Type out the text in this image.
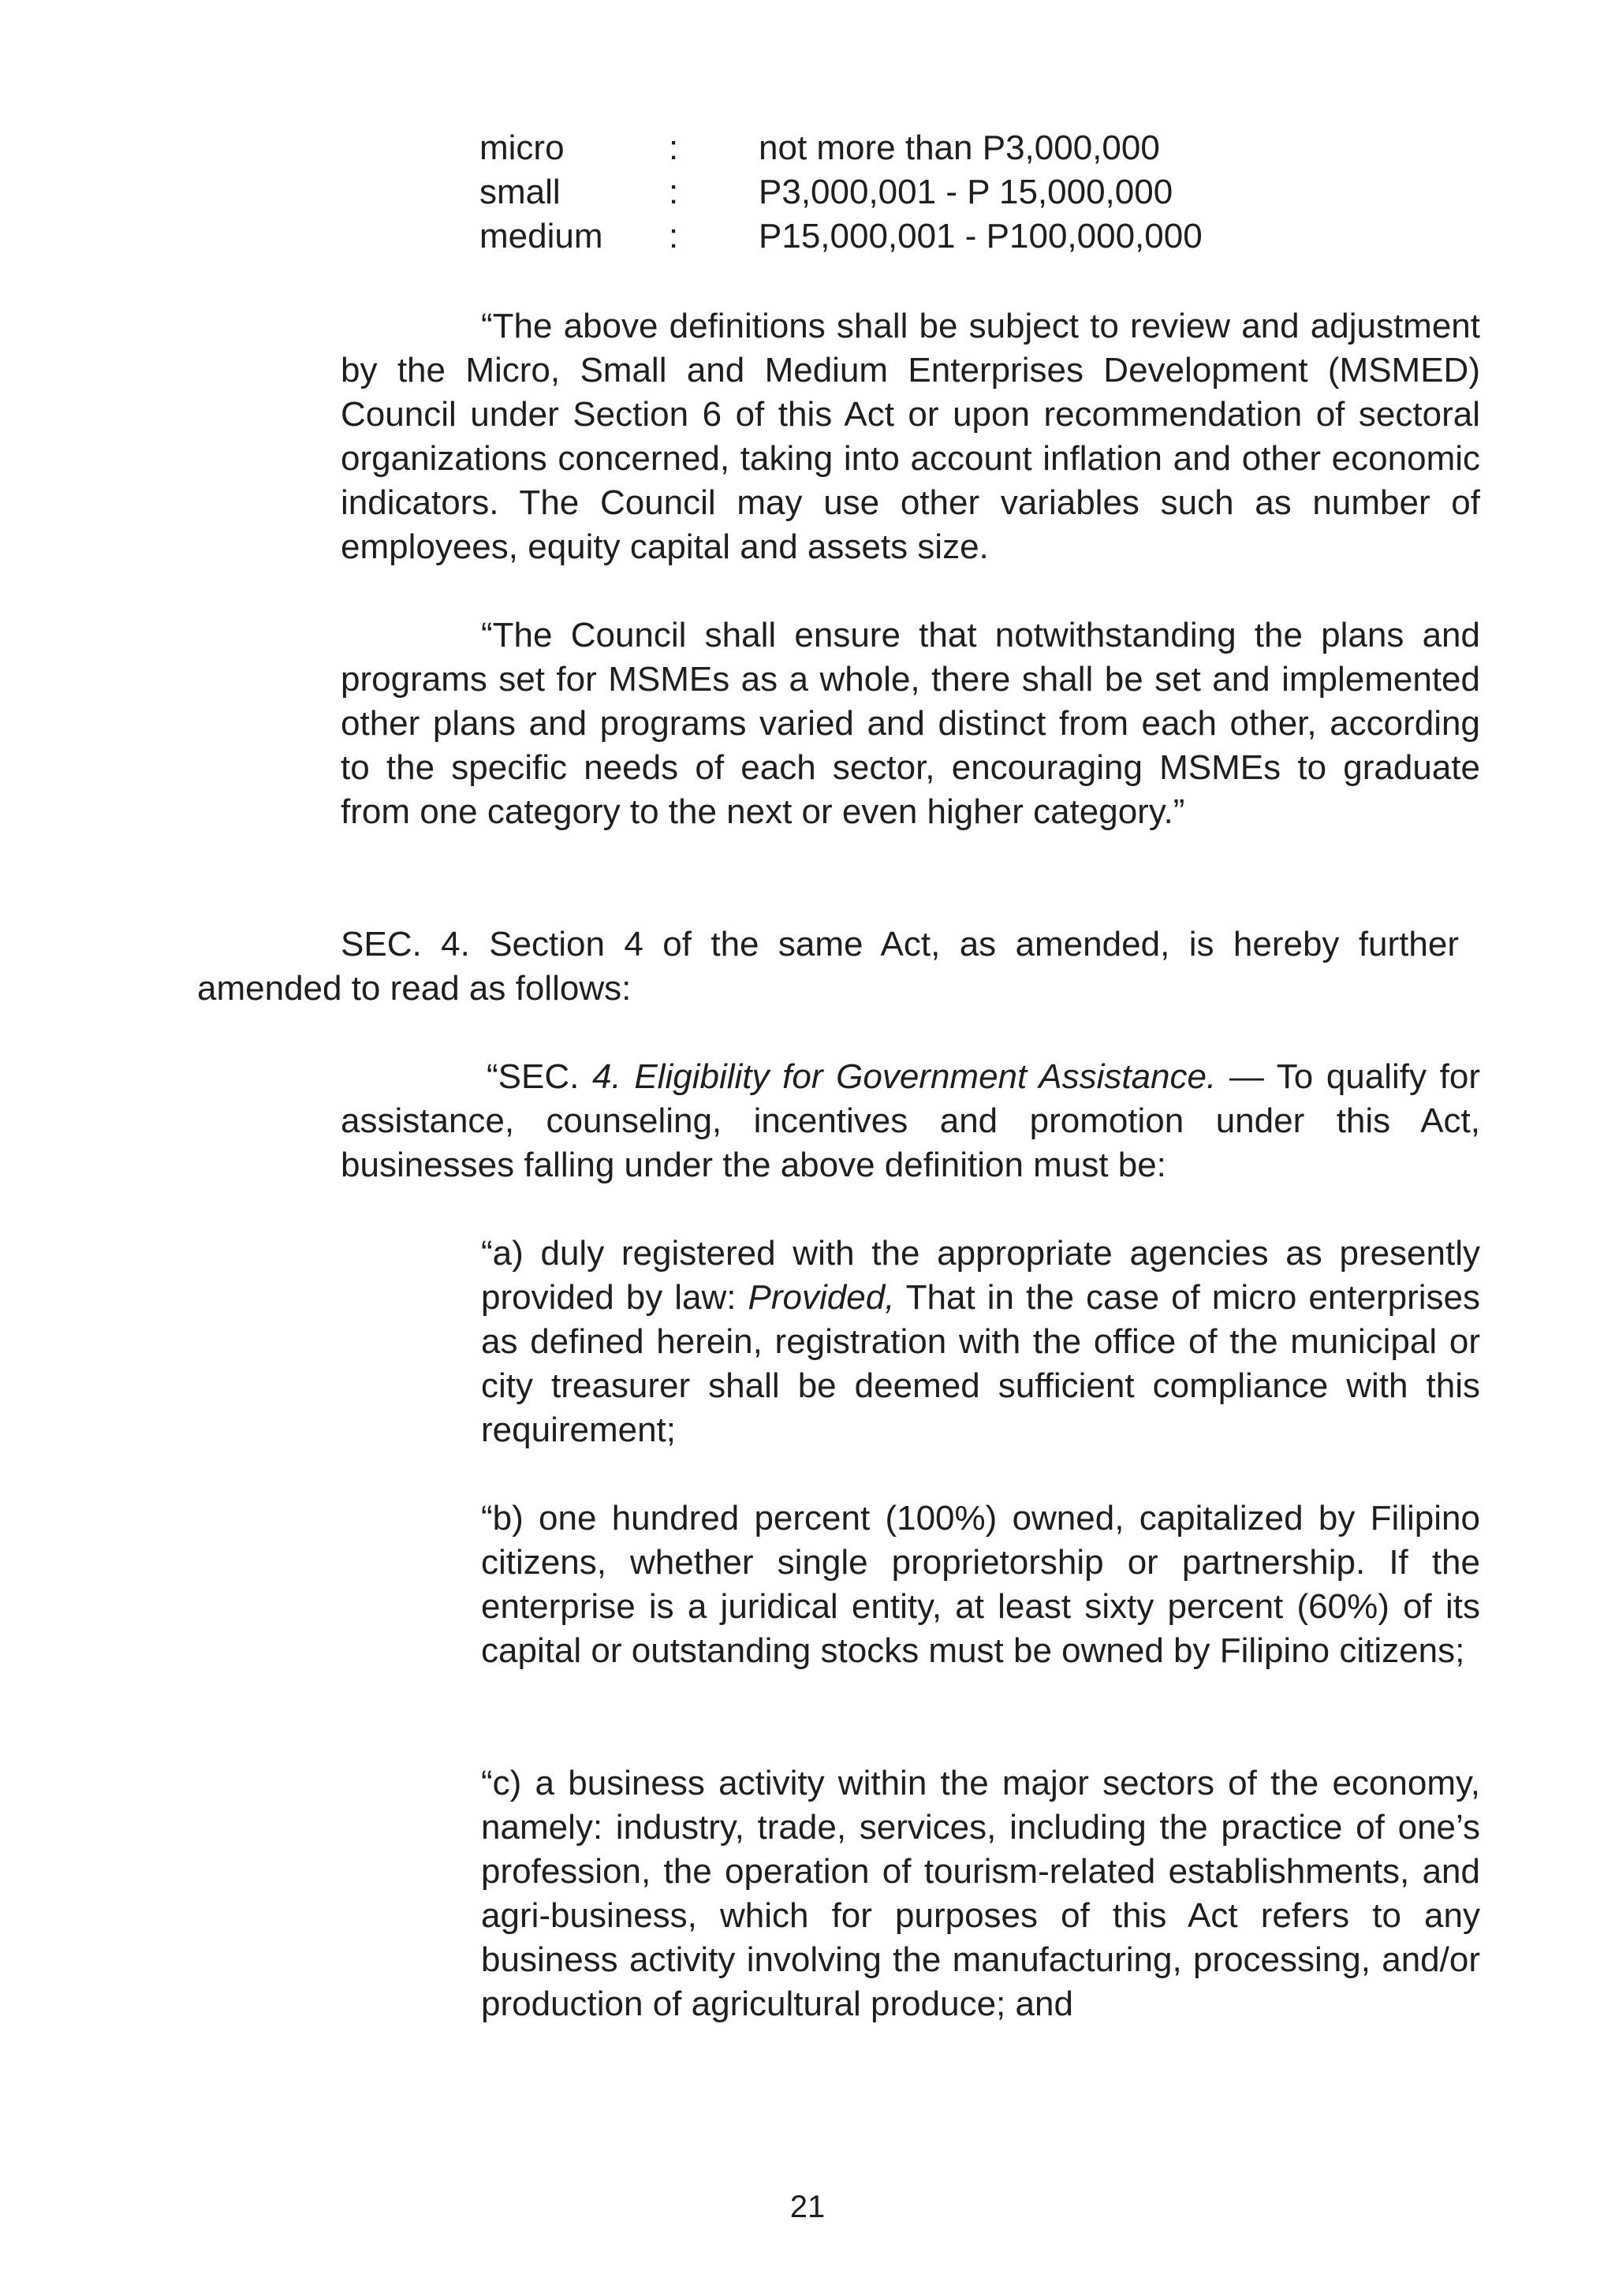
micro	: not more than P3,000,000
small	: P3,000,001 - P 15,000,000
medium : P15,000,001 - P100,000,000

“The above definitions shall be subject to review and adjustment by the Micro, Small and Medium Enterprises Development (MSMED) Council under Section 6 of this Act or upon recommendation of sectoral organizations concerned, taking into account inflation and other economic indicators. The Council may use other variables such as number of employees, equity capital and assets size.

“The Council shall ensure that notwithstanding the plans and programs set for MSMEs as a whole, there shall be set and implemented other plans and programs varied and distinct from each other, according to the specific needs of each sector, encouraging MSMEs to graduate from one category to the next or even higher category.”

SEC. 4. Section 4 of the same Act, as amended, is hereby further amended to read as follows:

“SEC. 4. Eligibility for Government Assistance. — To qualify for assistance, counseling, incentives and promotion under this Act, businesses falling under the above definition must be:

“a) duly registered with the appropriate agencies as presently provided by law: Provided, That in the case of micro enterprises as defined herein, registration with the office of the municipal or city treasurer shall be deemed sufficient compliance with this requirement;

“b) one hundred percent (100%) owned, capitalized by Filipino citizens, whether single proprietorship or partnership. If the enterprise is a juridical entity, at least sixty percent (60%) of its capital or outstanding stocks must be owned by Filipino citizens;

“c) a business activity within the major sectors of the economy, namely: industry, trade, services, including the practice of one’s profession, the operation of tourism-related establishments, and agri-business, which for purposes of this Act refers to any business activity involving the manufacturing, processing, and/or production of agricultural produce; and

21
